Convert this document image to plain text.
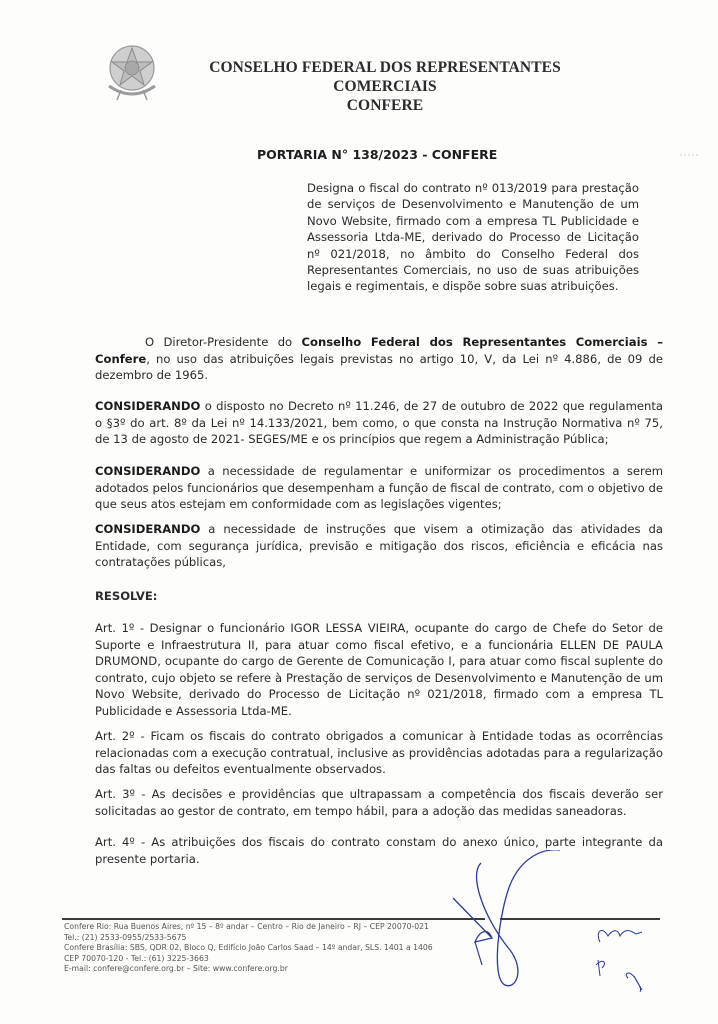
CONSELHO FEDERAL DOS REPRESENTANTES COMERCIAIS
CONFERE
PORTARIA N° 138/2023 - CONFERE
Designa o fiscal do contrato nº 013/2019 para prestação de serviços de Desenvolvimento e Manutenção de um Novo Website, firmado com a empresa TL Publicidade e Assessoria Ltda-ME, derivado do Processo de Licitação nº 021/2018, no âmbito do Conselho Federal dos Representantes Comerciais, no uso de suas atribuições legais e regimentais, e dispõe sobre suas atribuições.
O Diretor-Presidente do Conselho Federal dos Representantes Comerciais – Confere, no uso das atribuições legais previstas no artigo 10, V, da Lei nº 4.886, de 09 de dezembro de 1965.
CONSIDERANDO o disposto no Decreto nº 11.246, de 27 de outubro de 2022 que regulamenta o §3º do art. 8º da Lei nº 14.133/2021, bem como, o que consta na Instrução Normativa nº 75, de 13 de agosto de 2021- SEGES/ME e os princípios que regem a Administração Pública;
CONSIDERANDO a necessidade de regulamentar e uniformizar os procedimentos a serem adotados pelos funcionários que desempenham a função de fiscal de contrato, com o objetivo de que seus atos estejam em conformidade com as legislações vigentes;
CONSIDERANDO a necessidade de instruções que visem a otimização das atividades da Entidade, com segurança jurídica, previsão e mitigação dos riscos, eficiência e eficácia nas contratações públicas,
RESOLVE:
Art. 1º - Designar o funcionário IGOR LESSA VIEIRA, ocupante do cargo de Chefe do Setor de Suporte e Infraestrutura II, para atuar como fiscal efetivo, e a funcionária ELLEN DE PAULA DRUMOND, ocupante do cargo de Gerente de Comunicação I, para atuar como fiscal suplente do contrato, cujo objeto se refere à Prestação de serviços de Desenvolvimento e Manutenção de um Novo Website, derivado do Processo de Licitação nº 021/2018, firmado com a empresa TL Publicidade e Assessoria Ltda-ME.
Art. 2º - Ficam os fiscais do contrato obrigados a comunicar à Entidade todas as ocorrências relacionadas com a execução contratual, inclusive as providências adotadas para a regularização das faltas ou defeitos eventualmente observados.
Art. 3º - As decisões e providências que ultrapassam a competência dos fiscais deverão ser solicitadas ao gestor de contrato, em tempo hábil, para a adoção das medidas saneadoras.
Art. 4º - As atribuições dos fiscais do contrato constam do anexo único, parte integrante da presente portaria.
Confere Rio: Rua Buenos Aires, nº 15 – 8º andar – Centro – Rio de Janeiro – RJ – CEP 20070-021
Tel.: (21) 2533-0955/2533-5675
Confere Brasília: SBS, QDR 02, Bloco Q, Edifício João Carlos Saad – 14º andar, SLS. 1401 a 1406
CEP 70070-120 - Tel.: (61) 3225-3663
E-mail: confere@confere.org.br – Site: www.confere.org.br
